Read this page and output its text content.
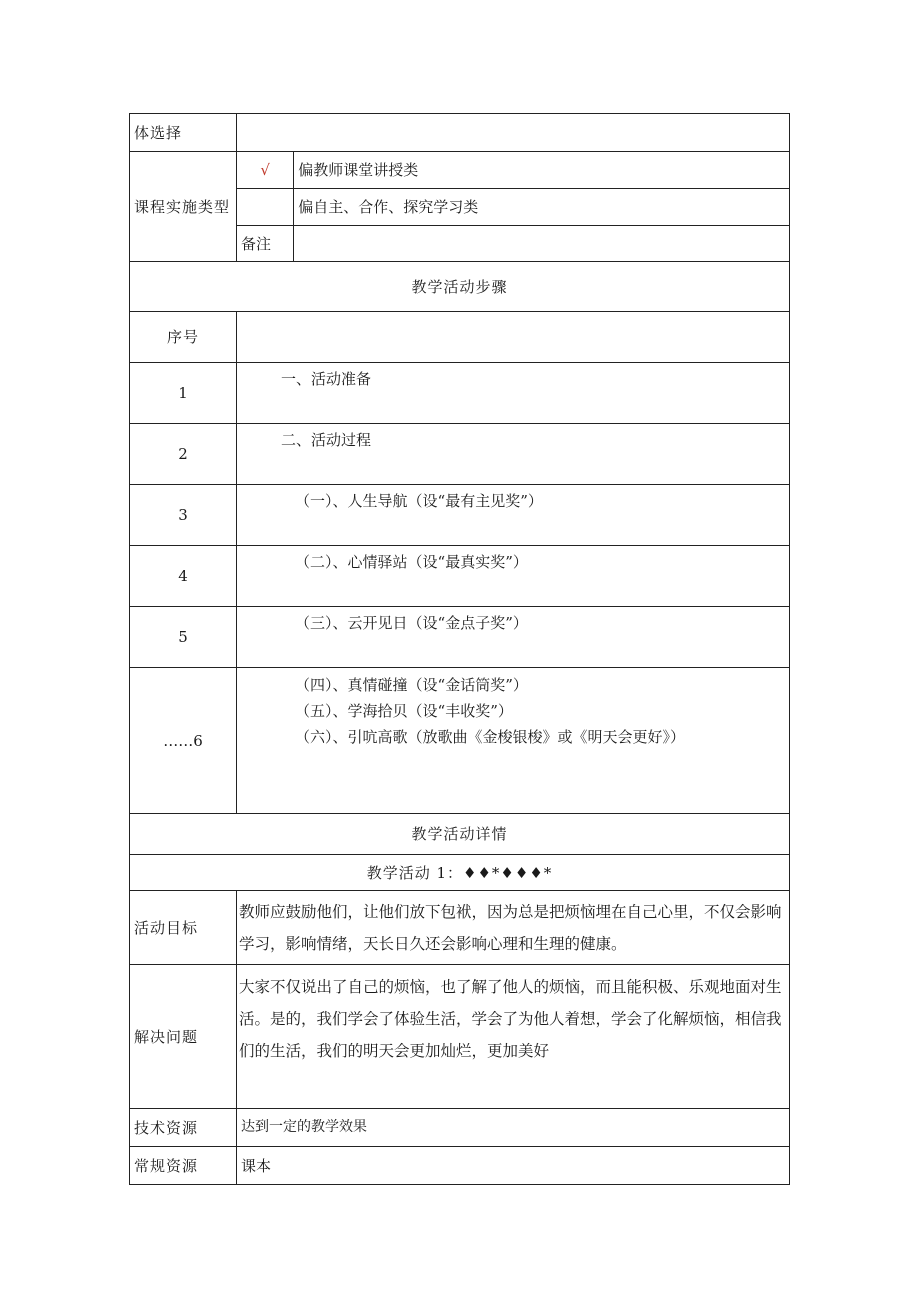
体选择		
课程实施类型	√	偏教师课堂讲授类
		偏自主、合作、探究学习类
	备注	
教学活动步骤		
序号		
1	一、活动准备	

2	二、活动过程	

3	（一）、人生导航（设“最有主见奖”）	

4	（二）、心情驿站（设“最真实奖”）	

5	（三）、云开见日（设“金点子奖”）	

……6	（四）、真情碰撞（设“金话筒奖”）
（五）、学海拾贝（设“丰收奖”）
（六）、引吭高歌（放歌曲《金梭银梭》或《明天会更好》）	

教学活动详情		
教学活动 1：♦♦*♦♦♦*		
活动目标	教师应鼓励他们，让他们放下包袱，因为总是把烦恼埋在自己心里，不仅会影响学习，影响情绪，天长日久还会影响心理和生理的健康。	
解决问题	大家不仅说出了自己的烦恼，也了解了他人的烦恼，而且能积极、乐观地面对生活。是的，我们学会了体验生活，学会了为他人着想，学会了化解烦恼，相信我们的生活，我们的明天会更加灿烂，更加美好	
技术资源	达到一定的教学效果	
常规资源	课本	
